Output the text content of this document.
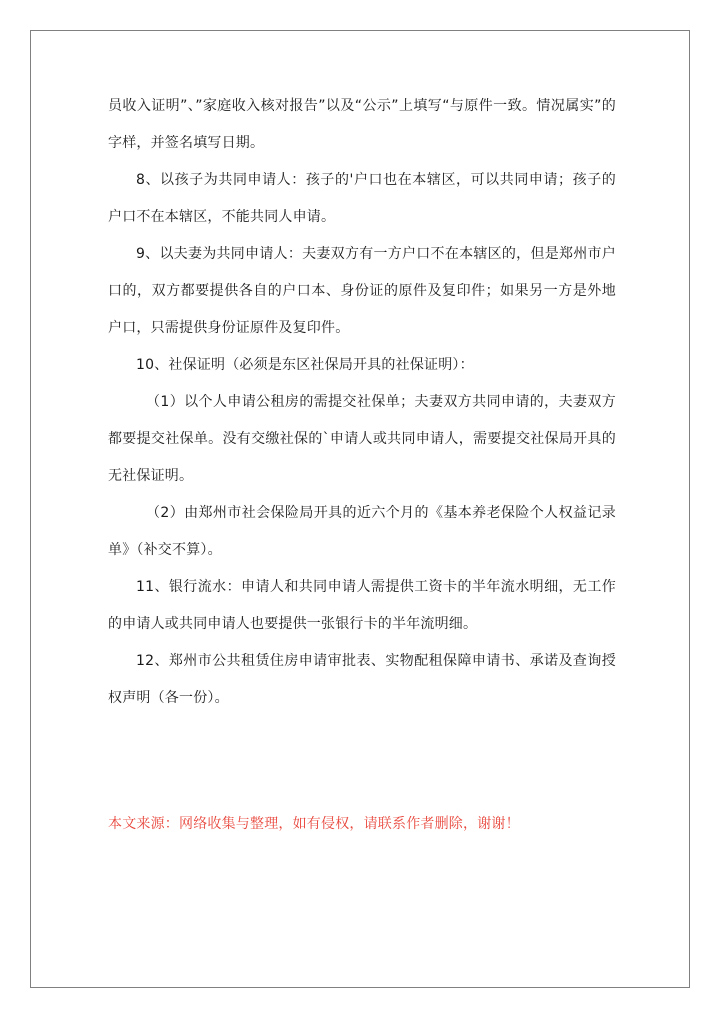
员收入证明”、”家庭收入核对报告”以及“公示”上填写“与原件一致。情况属实”的字样，并签名填写日期。

8、以孩子为共同申请人：孩子的'户口也在本辖区，可以共同申请；孩子的户口不在本辖区，不能共同人申请。

9、以夫妻为共同申请人：夫妻双方有一方户口不在本辖区的，但是郑州市户口的，双方都要提供各自的户口本、身份证的原件及复印件；如果另一方是外地户口，只需提供身份证原件及复印件。

10、社保证明（必须是东区社保局开具的社保证明）：

（1）以个人申请公租房的需提交社保单；夫妻双方共同申请的，夫妻双方都要提交社保单。没有交缴社保的`申请人或共同申请人，需要提交社保局开具的无社保证明。

（2）由郑州市社会保险局开具的近六个月的《基本养老保险个人权益记录单》（补交不算）。

11、银行流水：申请人和共同申请人需提供工资卡的半年流水明细，无工作的申请人或共同申请人也要提供一张银行卡的半年流明细。

12、郑州市公共租赁住房申请审批表、实物配租保障申请书、承诺及查询授权声明（各一份）。

本文来源：网络收集与整理，如有侵权，请联系作者删除，谢谢！
